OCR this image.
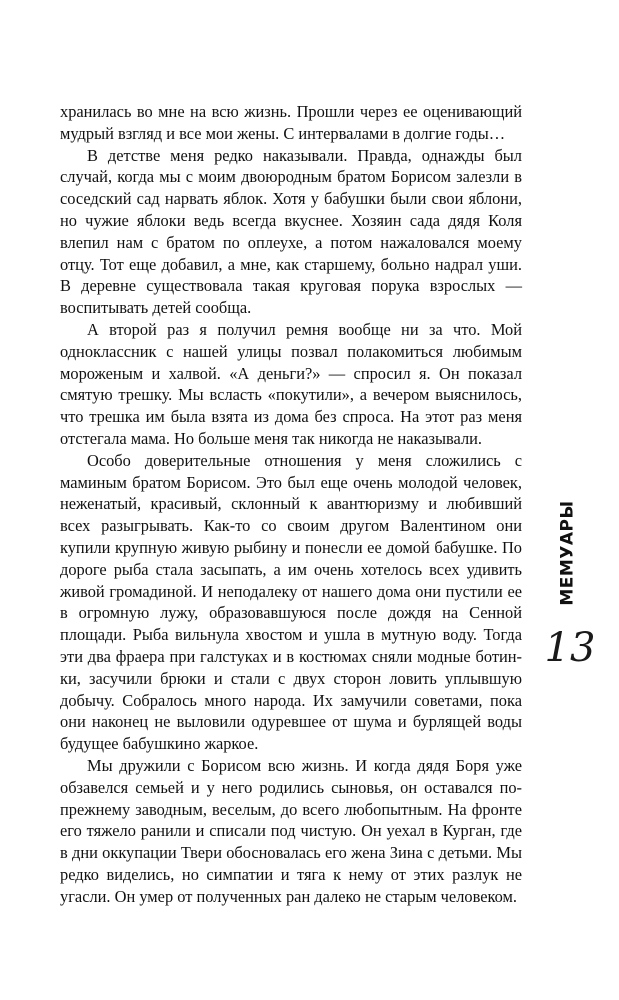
хранилась во мне на всю жизнь. Прошли через ее оценивающий мудрый взгляд и все мои жены. С интервалами в долгие годы…

В детстве меня редко наказывали. Правда, однажды был случай, когда мы с моим двоюродным братом Борисом залезли в соседский сад нарвать яблок. Хотя у бабушки были свои яблони, но чужие яблоки ведь всегда вкуснее. Хозяин сада дядя Коля влепил нам с братом по оплеухе, а потом нажаловался моему отцу. Тот еще добавил, а мне, как старшему, больно надрал уши. В деревне существовала такая круговая порука взрослых — воспитывать детей сообща.

А второй раз я получил ремня вообще ни за что. Мой одноклассник с нашей улицы позвал полакомиться любимым мороженым и халвой. «А деньги?» — спросил я. Он показал смятую трешку. Мы всласть «покутили», а вечером выяснилось, что трешка им была взята из дома без спроса. На этот раз меня отстегала мама. Но больше меня так никогда не наказывали.

Особо доверительные отношения у меня сложились с маминым братом Борисом. Это был еще очень молодой человек, неженатый, красивый, склонный к авантюризму и любивший всех разыгрывать. Как-то со своим другом Валентином они купили крупную живую рыбину и понесли ее домой бабушке. По дороге рыба стала засыпать, а им очень хотелось всех удивить живой громадиной. И неподалеку от нашего дома они пустили ее в огромную лужу, образовавшуюся после дождя на Сенной площади. Рыба вильнула хвостом и ушла в мутную воду. Тогда эти два фраера при галстуках и в костюмах сняли модные ботинки, засучили брюки и стали с двух сторон ловить уплывшую добычу. Собралось много народа. Их замучили советами, пока они наконец не выловили одуревшее от шума и бурлящей воды будущее бабушкино жаркое.

Мы дружили с Борисом всю жизнь. И когда дядя Боря уже обзавелся семьей и у него родились сыновья, он оставался по-прежнему заводным, веселым, до всего любопытным. На фронте его тяжело ранили и списали под чистую. Он уехал в Курган, где в дни оккупации Твери обосновалась его жена Зина с детьми. Мы редко виделись, но симпатии и тяга к нему от этих разлук не угасли. Он умер от полученных ран далеко не старым человеком.

МЕМУАРЫ
13
